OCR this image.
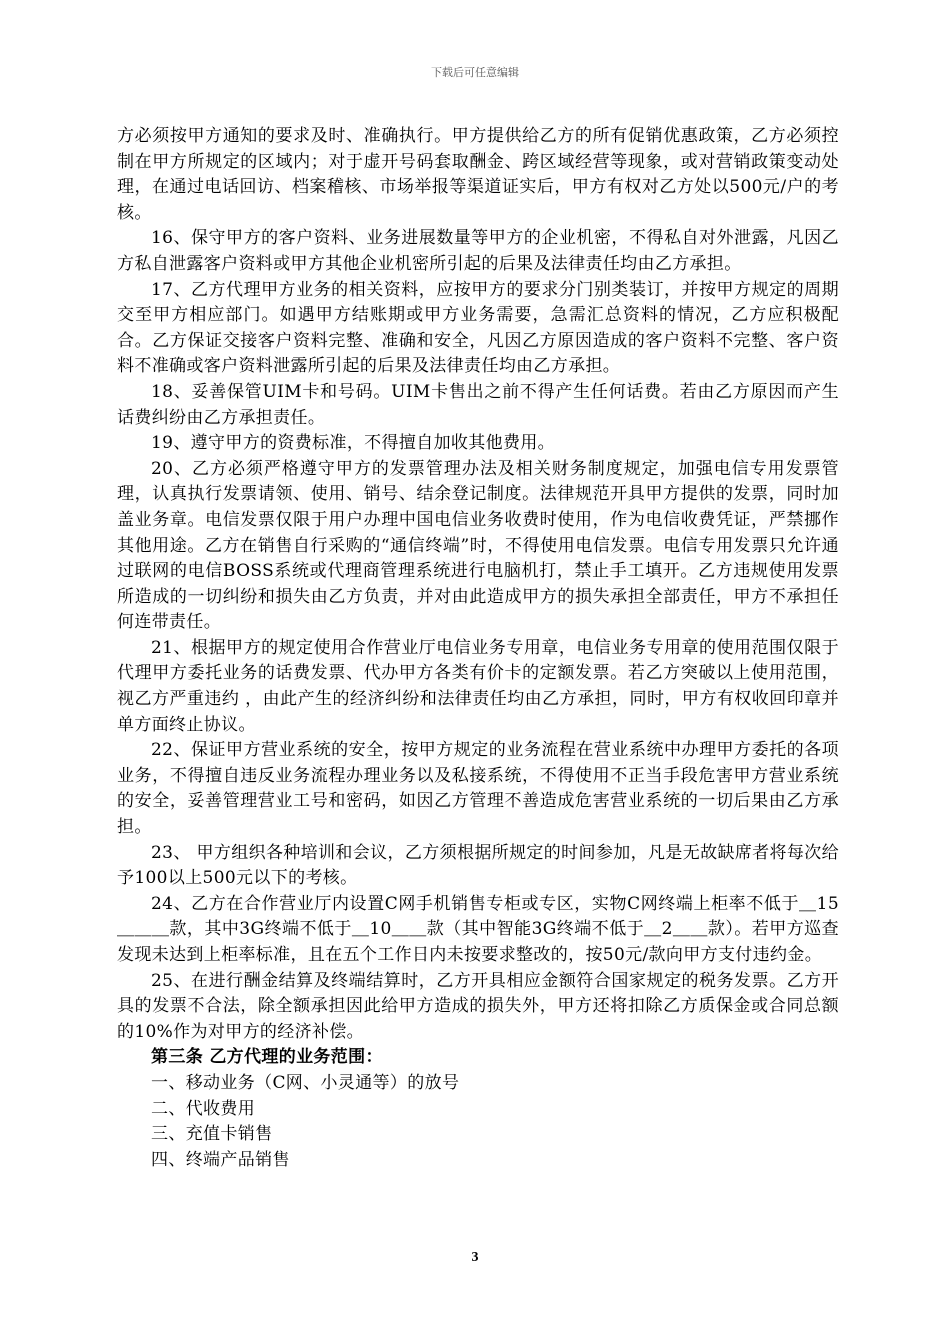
下载后可任意编辑

方必须按甲方通知的要求及时、准确执行。甲方提供给乙方的所有促销优惠政策，乙方必须控制在甲方所规定的区域内；对于虚开号码套取酬金、跨区域经营等现象，或对营销政策变动处理，在通过电话回访、档案稽核、市场举报等渠道证实后，甲方有权对乙方处以500元/户的考核。

16、保守甲方的客户资料、业务进展数量等甲方的企业机密，不得私自对外泄露，凡因乙方私自泄露客户资料或甲方其他企业机密所引起的后果及法律责任均由乙方承担。

17、乙方代理甲方业务的相关资料，应按甲方的要求分门别类装订，并按甲方规定的周期交至甲方相应部门。如遇甲方结账期或甲方业务需要，急需汇总资料的情况，乙方应积极配合。乙方保证交接客户资料完整、准确和安全，凡因乙方原因造成的客户资料不完整、客户资料不准确或客户资料泄露所引起的后果及法律责任均由乙方承担。

18、妥善保管UIM卡和号码。UIM卡售出之前不得产生任何话费。若由乙方原因而产生话费纠纷由乙方承担责任。

19、遵守甲方的资费标准，不得擅自加收其他费用。

20、乙方必须严格遵守甲方的发票管理办法及相关财务制度规定，加强电信专用发票管理，认真执行发票请领、使用、销号、结余登记制度。法律规范开具甲方提供的发票，同时加盖业务章。电信发票仅限于用户办理中国电信业务收费时使用，作为电信收费凭证，严禁挪作其他用途。乙方在销售自行采购的“通信终端”时，不得使用电信发票。电信专用发票只允许通过联网的电信BOSS系统或代理商管理系统进行电脑机打，禁止手工填开。乙方违规使用发票所造成的一切纠纷和损失由乙方负责，并对由此造成甲方的损失承担全部责任，甲方不承担任何连带责任。

21、根据甲方的规定使用合作营业厅电信业务专用章，电信业务专用章的使用范围仅限于代理甲方委托业务的话费发票、代办甲方各类有价卡的定额发票。若乙方突破以上使用范围，视乙方严重违约 ，由此产生的经济纠纷和法律责任均由乙方承担，同时，甲方有权收回印章并单方面终止协议。

22、保证甲方营业系统的安全，按甲方规定的业务流程在营业系统中办理甲方委托的各项业务，不得擅自违反业务流程办理业务以及私接系统，不得使用不正当手段危害甲方营业系统的安全，妥善管理营业工号和密码，如因乙方管理不善造成危害营业系统的一切后果由乙方承担。

23、 甲方组织各种培训和会议，乙方须根据所规定的时间参加，凡是无故缺席者将每次给予100以上500元以下的考核。

24、乙方在合作营业厅内设置C网手机销售专柜或专区，实物C网终端上柜率不低于＿15＿＿＿款，其中3G终端不低于＿10＿＿款（其中智能3G终端不低于＿2＿＿款）。若甲方巡查发现未达到上柜率标准，且在五个工作日内未按要求整改的，按50元/款向甲方支付违约金。

25、在进行酬金结算及终端结算时，乙方开具相应金额符合国家规定的税务发票。乙方开具的发票不合法，除全额承担因此给甲方造成的损失外，甲方还将扣除乙方质保金或合同总额的10%作为对甲方的经济补偿。

第三条 乙方代理的业务范围：

一、移动业务（C网、小灵通等）的放号

二、代收费用

三、充值卡销售

四、终端产品销售

3
